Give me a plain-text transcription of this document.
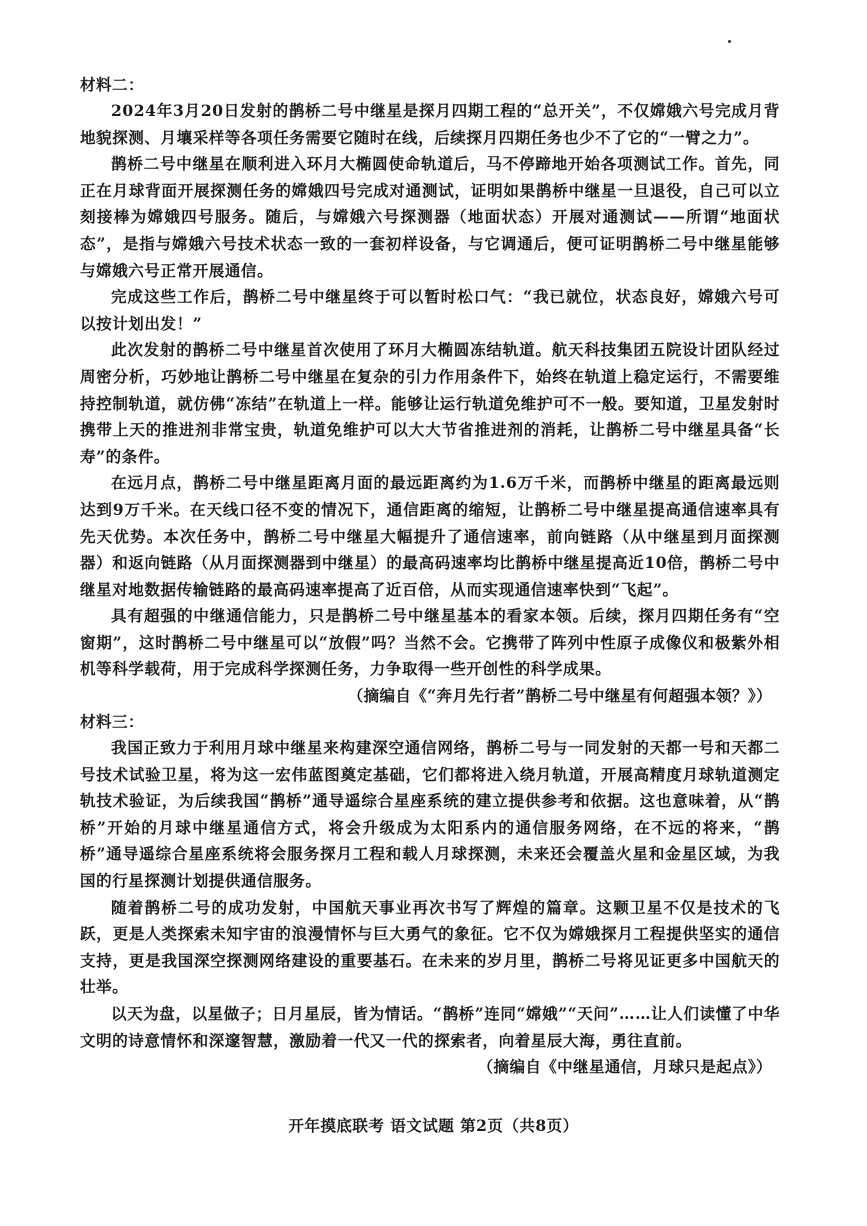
材料二：

2024年3月20日发射的鹊桥二号中继星是探月四期工程的“总开关”，不仅嫦娥六号完成月背地貌探测、月壤采样等各项任务需要它随时在线，后续探月四期任务也少不了它的“一臂之力”。

鹊桥二号中继星在顺利进入环月大椭圆使命轨道后，马不停蹄地开始各项测试工作。首先，同正在月球背面开展探测任务的嫦娥四号完成对通测试，证明如果鹊桥中继星一旦退役，自己可以立刻接棒为嫦娥四号服务。随后，与嫦娥六号探测器（地面状态）开展对通测试——所谓“地面状态”，是指与嫦娥六号技术状态一致的一套初样设备，与它调通后，便可证明鹊桥二号中继星能够与嫦娥六号正常开展通信。

完成这些工作后，鹊桥二号中继星终于可以暂时松口气：“我已就位，状态良好，嫦娥六号可以按计划出发！”

此次发射的鹊桥二号中继星首次使用了环月大椭圆冻结轨道。航天科技集团五院设计团队经过周密分析，巧妙地让鹊桥二号中继星在复杂的引力作用条件下，始终在轨道上稳定运行，不需要维持控制轨道，就仿佛“冻结”在轨道上一样。能够让运行轨道免维护可不一般。要知道，卫星发射时携带上天的推进剂非常宝贵，轨道免维护可以大大节省推进剂的消耗，让鹊桥二号中继星具备“长寿”的条件。

在远月点，鹊桥二号中继星距离月面的最远距离约为1.6万千米，而鹊桥中继星的距离最远则达到9万千米。在天线口径不变的情况下，通信距离的缩短，让鹊桥二号中继星提高通信速率具有先天优势。本次任务中，鹊桥二号中继星大幅提升了通信速率，前向链路（从中继星到月面探测器）和返向链路（从月面探测器到中继星）的最高码速率均比鹊桥中继星提高近10倍，鹊桥二号中继星对地数据传输链路的最高码速率提高了近百倍，从而实现通信速率快到“飞起”。

具有超强的中继通信能力，只是鹊桥二号中继星基本的看家本领。后续，探月四期任务有“空窗期”，这时鹊桥二号中继星可以“放假”吗？当然不会。它携带了阵列中性原子成像仪和极紫外相机等科学载荷，用于完成科学探测任务，力争取得一些开创性的科学成果。

（摘编自《“奔月先行者”鹊桥二号中继星有何超强本领？》）

材料三：

我国正致力于利用月球中继星来构建深空通信网络，鹊桥二号与一同发射的天都一号和天都二号技术试验卫星，将为这一宏伟蓝图奠定基础，它们都将进入绕月轨道，开展高精度月球轨道测定轨技术验证，为后续我国“鹊桥”通导遥综合星座系统的建立提供参考和依据。这也意味着，从“鹊桥”开始的月球中继星通信方式，将会升级成为太阳系内的通信服务网络，在不远的将来，“鹊桥”通导遥综合星座系统将会服务探月工程和载人月球探测，未来还会覆盖火星和金星区域，为我国的行星探测计划提供通信服务。

随着鹊桥二号的成功发射，中国航天事业再次书写了辉煌的篇章。这颗卫星不仅是技术的飞跃，更是人类探索未知宇宙的浪漫情怀与巨大勇气的象征。它不仅为嫦娥探月工程提供坚实的通信支持，更是我国深空探测网络建设的重要基石。在未来的岁月里，鹊桥二号将见证更多中国航天的壮举。

以天为盘，以星做子；日月星辰，皆为情话。“鹊桥”连同“嫦娥”“天问”……让人们读懂了中华文明的诗意情怀和深邃智慧，激励着一代又一代的探索者，向着星辰大海，勇往直前。

（摘编自《中继星通信，月球只是起点》）

开年摸底联考 语文试题 第2页（共8页）
